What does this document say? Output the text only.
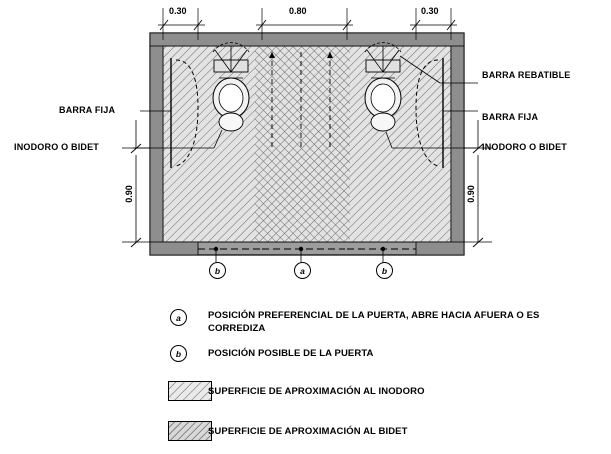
0.30	0.80	0.30
0.90	0.90
BARRA FIJA
INODORO O BIDET
BARRA REBATIBLE
BARRA FIJA
INODORO O BIDET
b	a	b
a	POSICIÓN PREFERENCIAL DE LA PUERTA, ABRE HACIA AFUERA O ES CORREDIZA
b	POSICIÓN POSIBLE DE LA PUERTA
SUPERFICIE DE APROXIMACIÓN AL INODORO
SUPERFICIE DE APROXIMACIÓN AL BIDET
